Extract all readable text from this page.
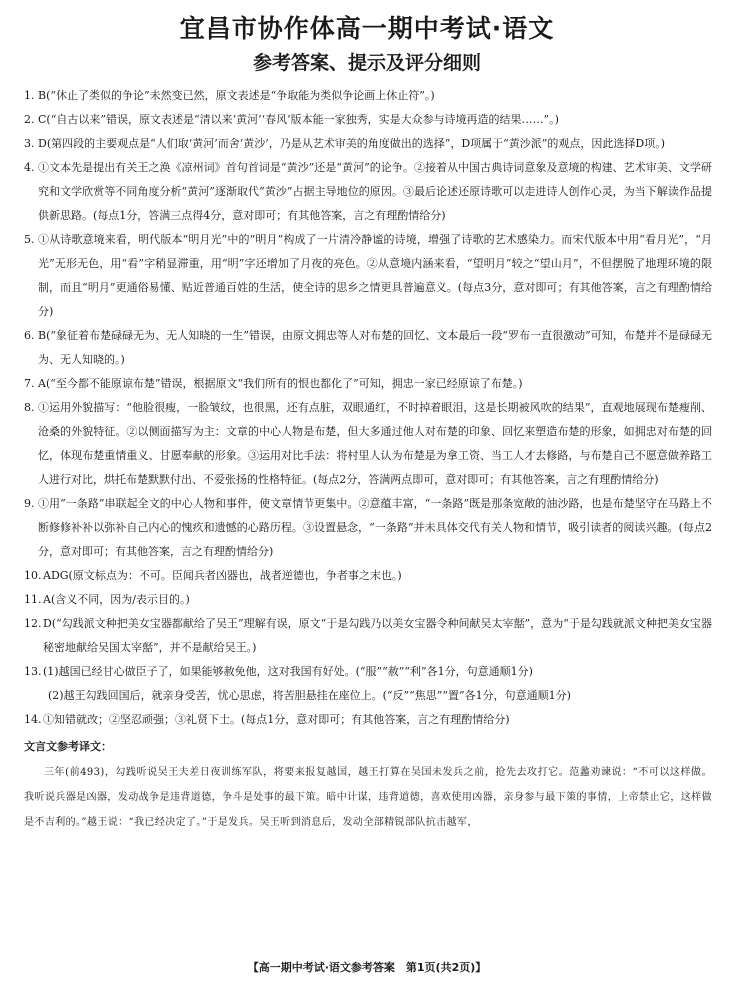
宜昌市协作体高一期中考试·语文
参考答案、提示及评分细则

1. B(“休止了类似的争论”未然变已然，原文表述是“争取能为类似争论画上休止符”。)

2. C(“自古以来”错误，原文表述是“清以来‘黄河’‘春风’版本能一家独秀，实是大众参与诗境再造的结果……”。)

3. D(第四段的主要观点是“人们取‘黄河’而舍‘黄沙’，乃是从艺术审美的角度做出的选择”，D项属于“黄沙派”的观点，因此选择D项。)

4. ①文本先是提出有关王之涣《凉州词》首句首词是“黄沙”还是“黄河”的论争。②接着从中国古典诗词意象及意境的构建、艺术审美、文学研究和文学欣赏等不同角度分析“黄河”逐渐取代“黄沙”占据主导地位的原因。③最后论述还原诗歌可以走进诗人创作心灵，为当下解读作品提供新思路。(每点1分，答满三点得4分，意对即可；有其他答案，言之有理酌情给分)

5. ①从诗歌意境来看，明代版本“明月光”中的“明月”构成了一片清冷静谧的诗境，增强了诗歌的艺术感染力。而宋代版本中用“看月光”，“月光”无形无色，用“看”字稍显滞重，用“明”字还增加了月夜的亮色。②从意境内涵来看，“望明月”较之“望山月”，不但摆脱了地理环境的限制，而且“明月”更通俗易懂、贴近普通百姓的生活，使全诗的思乡之情更具普遍意义。(每点3分，意对即可；有其他答案，言之有理酌情给分)

6. B(“象征着布楚碌碌无为、无人知晓的一生”错误，由原文拥忠等人对布楚的回忆、文本最后一段“罗布一直很激动”可知，布楚并不是碌碌无为、无人知晓的。)

7. A(“至今都不能原谅布楚”错误，根据原文“我们所有的恨也都化了”可知，拥忠一家已经原谅了布楚。)

8. ①运用外貌描写：“他脸很瘦，一脸皱纹，也很黑，还有点脏，双眼通红，不时掉着眼泪，这是长期被风吹的结果”，直观地展现布楚瘦削、沧桑的外貌特征。②以侧面描写为主：文章的中心人物是布楚，但大多通过他人对布楚的印象、回忆来塑造布楚的形象，如拥忠对布楚的回忆，体现布楚重情重义、甘愿奉献的形象。③运用对比手法：将村里人认为布楚是为拿工资、当工人才去修路，与布楚自己不愿意做养路工人进行对比，烘托布楚默默付出、不爱张扬的性格特征。(每点2分，答满两点即可，意对即可；有其他答案，言之有理酌情给分)

9. ①用“一条路”串联起全文的中心人物和事件，使文章情节更集中。②意蕴丰富，“一条路”既是那条宽敞的油沙路，也是布楚坚守在马路上不断修修补补以弥补自己内心的愧疚和遗憾的心路历程。③设置悬念，“一条路”并未具体交代有关人物和情节，吸引读者的阅读兴趣。(每点2分，意对即可；有其他答案，言之有理酌情给分)

10. ADG(原文标点为：不可。臣闻兵者凶器也，战者逆德也，争者事之末也。)

11. A(含义不同，因为/表示目的。)

12. D(“勾践派文种把美女宝器都献给了吴王”理解有误，原文“于是勾践乃以美女宝器令种间献吴太宰嚭”，意为“于是勾践就派文种把美女宝器秘密地献给吴国太宰嚭”，并不是献给吴王。)

13. (1)越国已经甘心做臣子了，如果能够赦免他，这对我国有好处。(“服”“赦”“利”各1分，句意通顺1分)

(2)越王勾践回国后，就亲身受苦，忧心思虑，将苦胆悬挂在座位上。(“反”“焦思”“置”各1分，句意通顺1分)

14. ①知错就改；②坚忍顽强；③礼贤下士。(每点1分，意对即可；有其他答案，言之有理酌情给分)

文言文参考译文：

三年(前493)，勾践听说吴王夫差日夜训练军队，将要来报复越国，越王打算在吴国未发兵之前，抢先去攻打它。范蠡劝谏说：“不可以这样做。我听说兵器是凶器，发动战争是违背道德，争斗是处事的最下策。暗中计谋，违背道德，喜欢使用凶器，亲身参与最下策的事情，上帝禁止它，这样做是不吉利的。”越王说：“我已经决定了。”于是发兵。吴王听到消息后，发动全部精锐部队抗击越军，

【高一期中考试·语文参考答案　第1页(共2页)】
